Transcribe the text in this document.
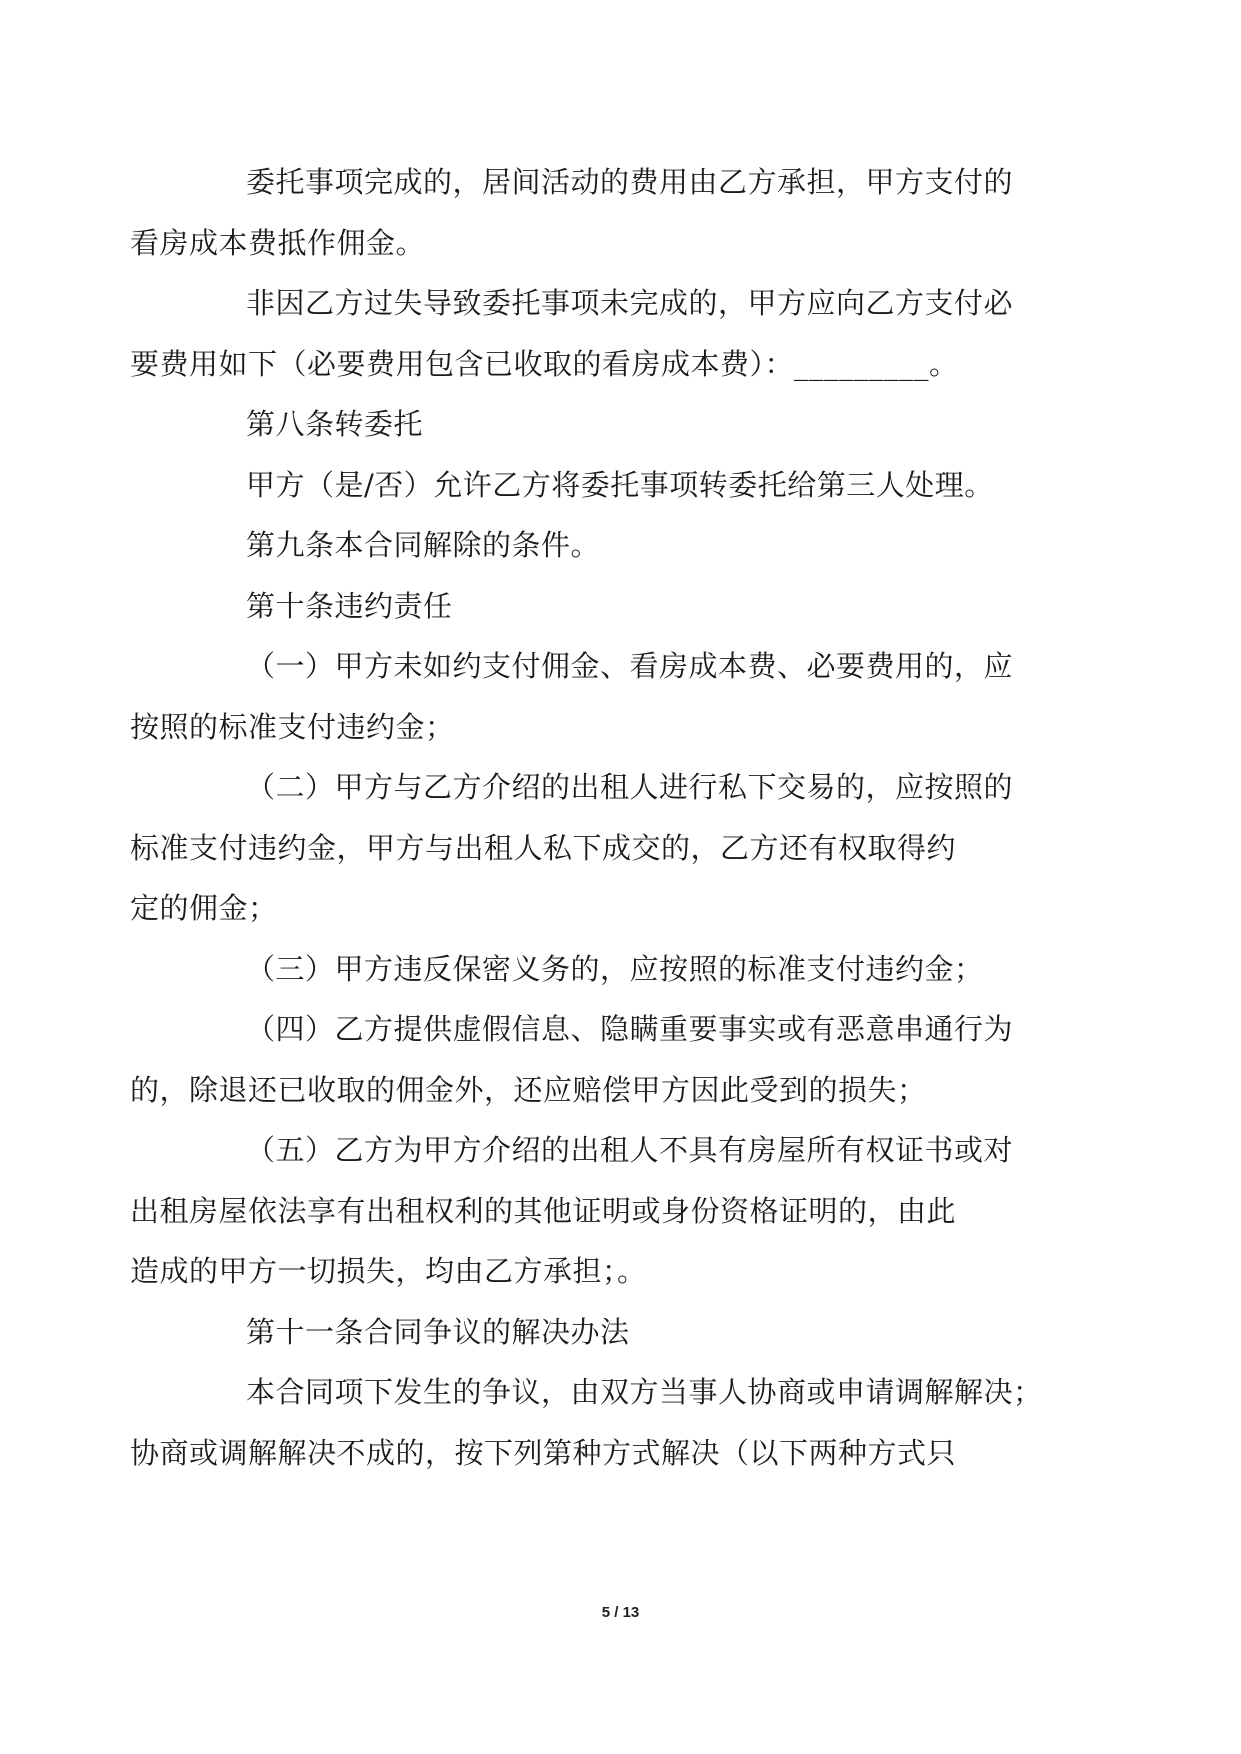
委托事项完成的，居间活动的费用由乙方承担，甲方支付的
看房成本费抵作佣金。

非因乙方过失导致委托事项未完成的，甲方应向乙方支付必
要费用如下（必要费用包含已收取的看房成本费）：_________。

第八条转委托

甲方（是/否）允许乙方将委托事项转委托给第三人处理。

第九条本合同解除的条件。

第十条违约责任

（一）甲方未如约支付佣金、看房成本费、必要费用的，应
按照的标准支付违约金；

（二）甲方与乙方介绍的出租人进行私下交易的，应按照的
标准支付违约金，甲方与出租人私下成交的，乙方还有权取得约
定的佣金；

（三）甲方违反保密义务的，应按照的标准支付违约金；

（四）乙方提供虚假信息、隐瞒重要事实或有恶意串通行为
的，除退还已收取的佣金外，还应赔偿甲方因此受到的损失；

（五）乙方为甲方介绍的出租人不具有房屋所有权证书或对
出租房屋依法享有出租权利的其他证明或身份资格证明的，由此
造成的甲方一切损失，均由乙方承担；。

第十一条合同争议的解决办法

本合同项下发生的争议，由双方当事人协商或申请调解解决；
协商或调解解决不成的，按下列第种方式解决（以下两种方式只

5 / 13
